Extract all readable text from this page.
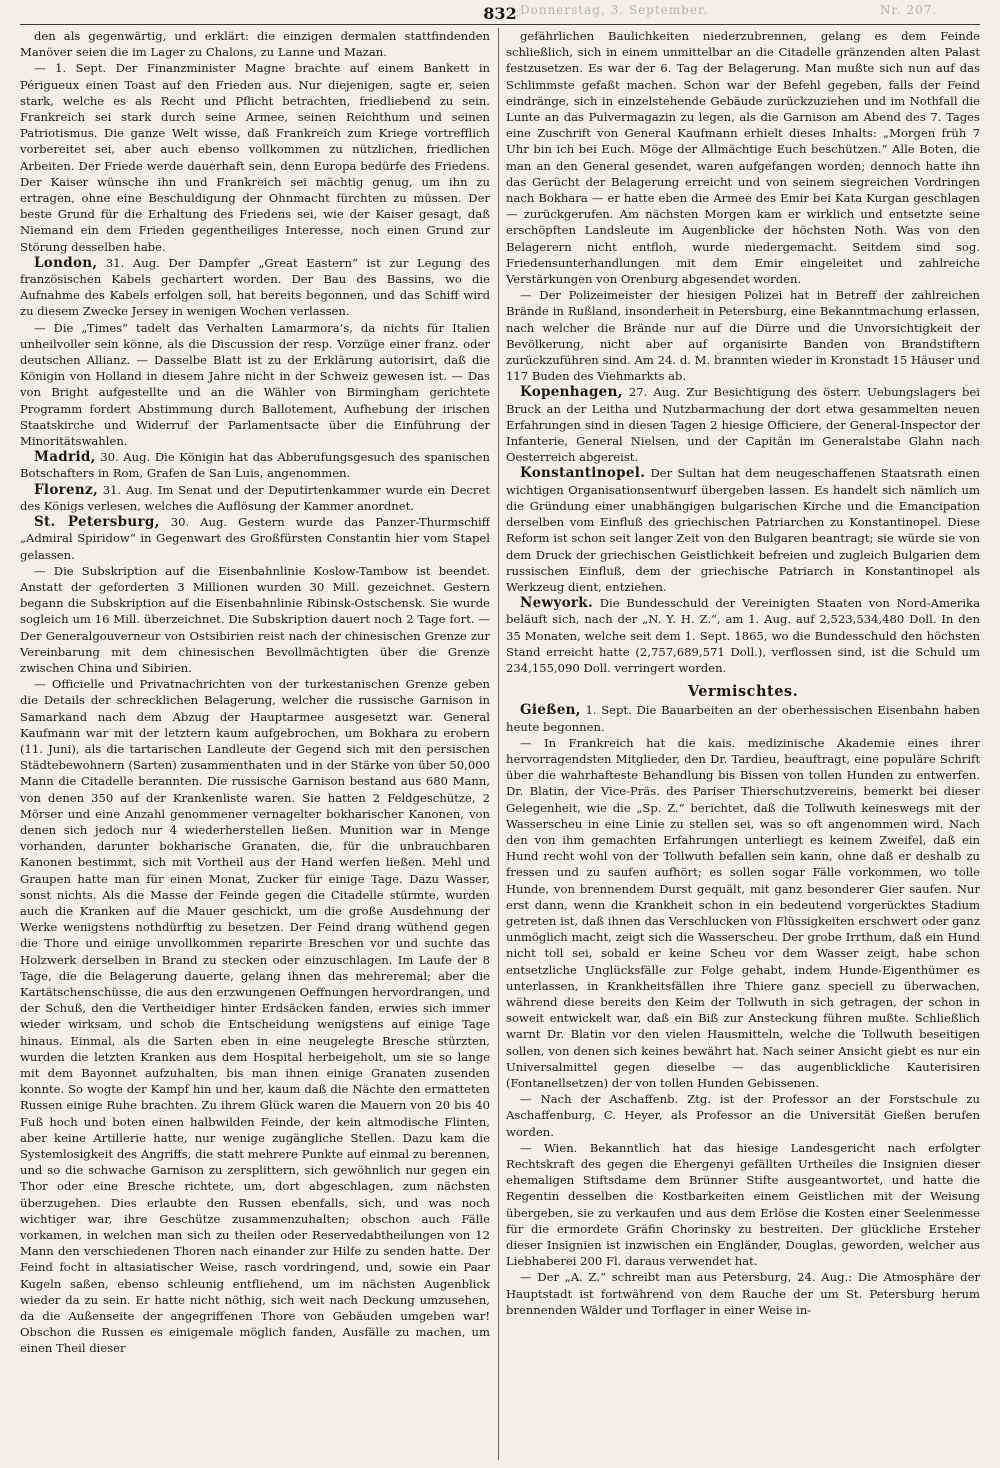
832 Donnerstag, 3. September.	Nr. 207.

den als gegenwärtig, und erklärt: die einzigen dermalen stattfindenden Manöver seien die im Lager zu Chalons, zu Lanne und Mazan.

— 1. Sept. Der Finanzminister Magne brachte auf einem Bankett in Périgueux einen Toast auf den Frieden aus. Nur diejenigen, sagte er, seien stark, welche es als Recht und Pflicht betrachten, friedliebend zu sein. Frankreich sei stark durch seine Armee, seinen Reichthum und seinen Patriotismus. Die ganze Welt wisse, daß Frankreich zum Kriege vortrefflich vorbereitet sei, aber auch ebenso vollkommen zu nützlichen, friedlichen Arbeiten. Der Friede werde dauerhaft sein, denn Europa bedürfe des Friedens. Der Kaiser wünsche ihn und Frankreich sei mächtig genug, um ihn zu ertragen, ohne eine Beschuldigung der Ohnmacht fürchten zu müssen. Der beste Grund für die Erhaltung des Friedens sei, wie der Kaiser gesagt, daß Niemand ein dem Frieden gegentheiliges Interesse, noch einen Grund zur Störung desselben habe.

London, 31. Aug. Der Dampfer „Great Eastern“ ist zur Legung des französischen Kabels gechartert worden. Der Bau des Bassins, wo die Aufnahme des Kabels erfolgen soll, hat bereits begonnen, und das Schiff wird zu diesem Zwecke Jersey in wenigen Wochen verlassen.

— Die „Times“ tadelt das Verhalten Lamarmora’s, da nichts für Italien unheilvoller sein könne, als die Discussion der resp. Vorzüge einer franz. oder deutschen Allianz. — Dasselbe Blatt ist zu der Erklärung autorisirt, daß die Königin von Holland in diesem Jahre nicht in der Schweiz gewesen ist. — Das von Bright aufgestellte und an die Wähler von Birmingham gerichtete Programm fordert Abstimmung durch Ballotement, Aufhebung der irischen Staatskirche und Widerruf der Parlamentsacte über die Einführung der Minoritätswahlen.

Madrid, 30. Aug. Die Königin hat das Abberufungsgesuch des spanischen Botschafters in Rom, Grafen de San Luis, angenommen.

Florenz, 31. Aug. Im Senat und der Deputirtenkammer wurde ein Decret des Königs verlesen, welches die Auflösung der Kammer anordnet.

St. Petersburg, 30. Aug. Gestern wurde das Panzer-Thurmschiff „Admiral Spiridow“ in Gegenwart des Großfürsten Constantin hier vom Stapel gelassen.

— Die Subskription auf die Eisenbahnlinie Koslow-Tambow ist beendet. Anstatt der geforderten 3 Millionen wurden 30 Mill. gezeichnet. Gestern begann die Subskription auf die Eisenbahnlinie Ribinsk-Ostschensk. Sie wurde sogleich um 16 Mill. überzeichnet. Die Subskription dauert noch 2 Tage fort. — Der Generalgouverneur von Ostsibirien reist nach der chinesischen Grenze zur Vereinbarung mit dem chinesischen Bevollmächtigten über die Grenze zwischen China und Sibirien.

— Officielle und Privatnachrichten von der turkestanischen Grenze geben die Details der schrecklichen Belagerung, welcher die russische Garnison in Samarkand nach dem Abzug der Hauptarmee ausgesetzt war. General Kaufmann war mit der letztern kaum aufgebrochen, um Bokhara zu erobern (11. Juni), als die tartarischen Landleute der Gegend sich mit den persischen Städtebewohnern (Sarten) zusammenthaten und in der Stärke von über 50,000 Mann die Citadelle berannten. Die russische Garnison bestand aus 680 Mann, von denen 350 auf der Krankenliste waren. Sie hatten 2 Feldgeschütze, 2 Mörser und eine Anzahl genommener vernagelter bokharischer Kanonen, von denen sich jedoch nur 4 wiederherstellen ließen. Munition war in Menge vorhanden, darunter bokharische Granaten, die, für die unbrauchbaren Kanonen bestimmt, sich mit Vortheil aus der Hand werfen ließen. Mehl und Graupen hatte man für einen Monat, Zucker für einige Tage. Dazu Wasser, sonst nichts. Als die Masse der Feinde gegen die Citadelle stürmte, wurden auch die Kranken auf die Mauer geschickt, um die große Ausdehnung der Werke wenigstens nothdürftig zu besetzen. Der Feind drang wüthend gegen die Thore und einige unvollkommen reparirte Breschen vor und suchte das Holzwerk derselben in Brand zu stecken oder einzuschlagen. Im Laufe der 8 Tage, die die Belagerung dauerte, gelang ihnen das mehreremal; aber die Kartätschenschüsse, die aus den erzwungenen Oeffnungen hervordrangen, und der Schuß, den die Vertheidiger hinter Erdsäcken fanden, erwies sich immer wieder wirksam, und schob die Entscheidung wenigstens auf einige Tage hinaus. Einmal, als die Sarten eben in eine neugelegte Bresche stürzten, wurden die letzten Kranken aus dem Hospital herbeigeholt, um sie so lange mit dem Bayonnet aufzuhalten, bis man ihnen einige Granaten zusenden konnte. So wogte der Kampf hin und her, kaum daß die Nächte den ermatteten Russen einige Ruhe brachten. Zu ihrem Glück waren die Mauern von 20 bis 40 Fuß hoch und boten einen halbwilden Feinde, der kein altmodische Flinten, aber keine Artillerie hatte, nur wenige zugängliche Stellen. Dazu kam die Systemlosigkeit des Angriffs, die statt mehrere Punkte auf einmal zu berennen, und so die schwache Garnison zu zersplittern, sich gewöhnlich nur gegen ein Thor oder eine Bresche richtete, um, dort abgeschlagen, zum nächsten überzugehen. Dies erlaubte den Russen ebenfalls, sich, und was noch wichtiger war, ihre Geschütze zusammenzuhalten; obschon auch Fälle vorkamen, in welchen man sich zu theilen oder Reservedabtheilungen von 12 Mann den verschiedenen Thoren nach einander zur Hilfe zu senden hatte. Der Feind focht in altasiatischer Weise, rasch vordringend, und, sowie ein Paar Kugeln saßen, ebenso schleunig entfliehend, um im nächsten Augenblick wieder da zu sein. Er hatte nicht nöthig, sich weit nach Deckung umzusehen, da die Außenseite der angegriffenen Thore von Gebäuden umgeben war! Obschon die Russen es einigemale möglich fanden, Ausfälle zu machen, um einen Theil dieser

gefährlichen Baulichkeiten niederzubrennen, gelang es dem Feinde schließlich, sich in einem unmittelbar an die Citadelle gränzenden alten Palast festzusetzen. Es war der 6. Tag der Belagerung. Man mußte sich nun auf das Schlimmste gefaßt machen. Schon war der Befehl gegeben, falls der Feind eindränge, sich in einzelstehende Gebäude zurückzuziehen und im Nothfall die Lunte an das Pulvermagazin zu legen, als die Garnison am Abend des 7. Tages eine Zuschrift von General Kaufmann erhielt dieses Inhalts: „Morgen früh 7 Uhr bin ich bei Euch. Möge der Allmächtige Euch beschützen.“ Alle Boten, die man an den General gesendet, waren aufgefangen worden; dennoch hatte ihn das Gerücht der Belagerung erreicht und von seinem siegreichen Vordringen nach Bokhara — er hatte eben die Armee des Emir bei Kata Kurgan geschlagen — zurückgerufen. Am nächsten Morgen kam er wirklich und entsetzte seine erschöpften Landsleute im Augenblicke der höchsten Noth. Was von den Belagerern nicht entfloh, wurde niedergemacht. Seitdem sind sog. Friedensunterhandlungen mit dem Emir eingeleitet und zahlreiche Verstärkungen von Orenburg abgesendet worden.

— Der Polizeimeister der hiesigen Polizei hat in Betreff der zahlreichen Brände in Rußland, insonderheit in Petersburg, eine Bekanntmachung erlassen, nach welcher die Brände nur auf die Dürre und die Unvorsichtigkeit der Bevölkerung, nicht aber auf organisirte Banden von Brandstiftern zurückzuführen sind. Am 24. d. M. brannten wieder in Kronstadt 15 Häuser und 117 Buden des Viehmarkts ab.

Kopenhagen, 27. Aug. Zur Besichtigung des österr. Uebungslagers bei Bruck an der Leitha und Nutzbarmachung der dort etwa gesammelten neuen Erfahrungen sind in diesen Tagen 2 hiesige Officiere, der General-Inspector der Infanterie, General Nielsen, und der Capitän im Generalstabe Glahn nach Oesterreich abgereist.

Konstantinopel. Der Sultan hat dem neugeschaffenen Staatsrath einen wichtigen Organisationsentwurf übergeben lassen. Es handelt sich nämlich um die Gründung einer unabhängigen bulgarischen Kirche und die Emancipation derselben vom Einfluß des griechischen Patriarchen zu Konstantinopel. Diese Reform ist schon seit langer Zeit von den Bulgaren beantragt; sie würde sie von dem Druck der griechischen Geistlichkeit befreien und zugleich Bulgarien dem russischen Einfluß, dem der griechische Patriarch in Konstantinopel als Werkzeug dient, entziehen.

Newyork. Die Bundesschuld der Vereinigten Staaten von Nord-Amerika beläuft sich, nach der „N. Y. H. Z.“, am 1. Aug. auf 2,523,534,480 Doll. In den 35 Monaten, welche seit dem 1. Sept. 1865, wo die Bundesschuld den höchsten Stand erreicht hatte (2,757,689,571 Doll.), verflossen sind, ist die Schuld um 234,155,090 Doll. verringert worden.

Vermischtes.

Gießen, 1. Sept. Die Bauarbeiten an der oberhessischen Eisenbahn haben heute begonnen.

— In Frankreich hat die kais. medizinische Akademie eines ihrer hervorragendsten Mitglieder, den Dr. Tardieu, beauftragt, eine populäre Schrift über die wahrhafteste Behandlung bis Bissen von tollen Hunden zu entwerfen. Dr. Blatin, der Vice-Präs. des Pariser Thierschutzvereins, bemerkt bei dieser Gelegenheit, wie die „Sp. Z.“ berichtet, daß die Tollwuth keineswegs mit der Wasserscheu in eine Linie zu stellen sei, was so oft angenommen wird. Nach den von ihm gemachten Erfahrungen unterliegt es keinem Zweifel, daß ein Hund recht wohl von der Tollwuth befallen sein kann, ohne daß er deshalb zu fressen und zu saufen aufhört; es sollen sogar Fälle vorkommen, wo tolle Hunde, von brennendem Durst gequält, mit ganz besonderer Gier saufen. Nur erst dann, wenn die Krankheit schon in ein bedeutend vorgerücktes Stadium getreten ist, daß ihnen das Verschlucken von Flüssigkeiten erschwert oder ganz unmöglich macht, zeigt sich die Wasserscheu. Der grobe Irrthum, daß ein Hund nicht toll sei, sobald er keine Scheu vor dem Wasser zeigt, habe schon entsetzliche Unglücksfälle zur Folge gehabt, indem Hunde-Eigenthümer es unterlassen, in Krankheitsfällen ihre Thiere ganz speciell zu überwachen, während diese bereits den Keim der Tollwuth in sich getragen, der schon in soweit entwickelt war, daß ein Biß zur Ansteckung führen mußte. Schließlich warnt Dr. Blatin vor den vielen Hausmitteln, welche die Tollwuth beseitigen sollen, von denen sich keines bewährt hat. Nach seiner Ansicht giebt es nur ein Universalmittel gegen dieselbe — das augenblickliche Kauterisiren (Fontanellsetzen) der von tollen Hunden Gebissenen.

— Nach der Aschaffenb. Ztg. ist der Professor an der Forstschule zu Aschaffenburg, C. Heyer, als Professor an die Universität Gießen berufen worden.

— Wien. Bekanntlich hat das hiesige Landesgericht nach erfolgter Rechtskraft des gegen die Ehergenyi gefällten Urtheiles die Insignien dieser ehemaligen Stiftsdame dem Brünner Stifte ausgeantwortet, und hatte die Regentin desselben die Kostbarkeiten einem Geistlichen mit der Weisung übergeben, sie zu verkaufen und aus dem Erlöse die Kosten einer Seelenmesse für die ermordete Gräfin Chorinsky zu bestreiten. Der glückliche Ersteher dieser Insignien ist inzwischen ein Engländer, Douglas, geworden, welcher aus Liebhaberei 200 Fl. daraus verwendet hat.

— Der „A. Z.“ schreibt man aus Petersburg, 24. Aug.: Die Atmosphäre der Hauptstadt ist fortwährend von dem Rauche der um St. Petersburg herum brennenden Wälder und Torflager in einer Weise in-
